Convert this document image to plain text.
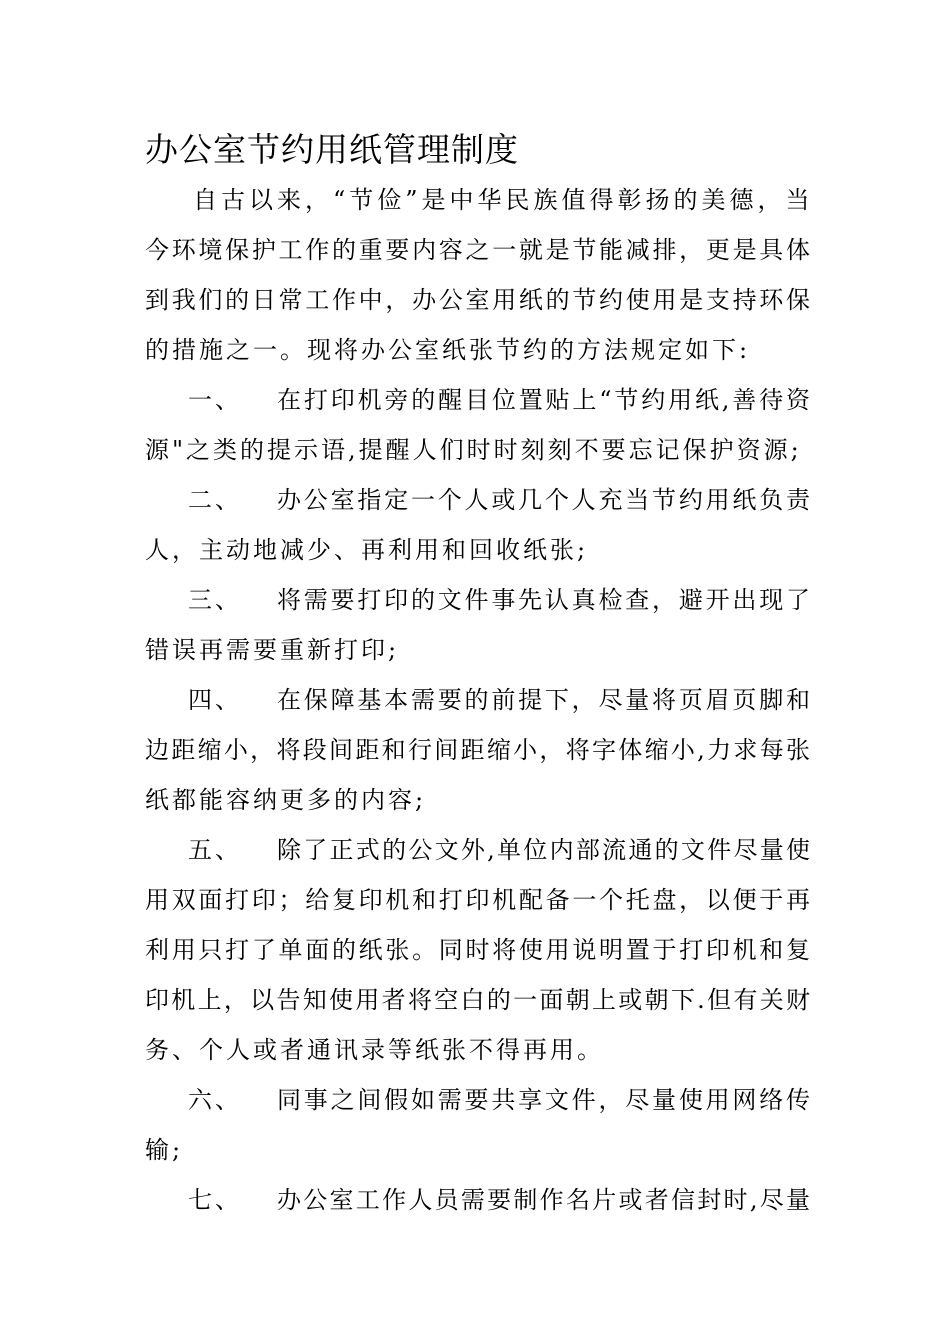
办公室节约用纸管理制度
自古以来，“节俭”是中华民族值得彰扬的美德，当
今环境保护工作的重要内容之一就是节能减排，更是具体
到我们的日常工作中，办公室用纸的节约使用是支持环保
的措施之一。现将办公室纸张节约的方法规定如下:
一、	在打印机旁的醒目位置贴上“节约用纸,善待资
源"之类的提示语,提醒人们时时刻刻不要忘记保护资源;
二、	办公室指定一个人或几个人充当节约用纸负责
人，主动地减少、再利用和回收纸张;
三、	将需要打印的文件事先认真检查，避开出现了
错误再需要重新打印;
四、	在保障基本需要的前提下，尽量将页眉页脚和
边距缩小，将段间距和行间距缩小，将字体缩小,力求每张
纸都能容纳更多的内容;
五、	除了正式的公文外,单位内部流通的文件尽量使
用双面打印；给复印机和打印机配备一个托盘，以便于再
利用只打了单面的纸张。同时将使用说明置于打印机和复
印机上，以告知使用者将空白的一面朝上或朝下.但有关财
务、个人或者通讯录等纸张不得再用。
六、	同事之间假如需要共享文件，尽量使用网络传
输;
七、	办公室工作人员需要制作名片或者信封时,尽量
